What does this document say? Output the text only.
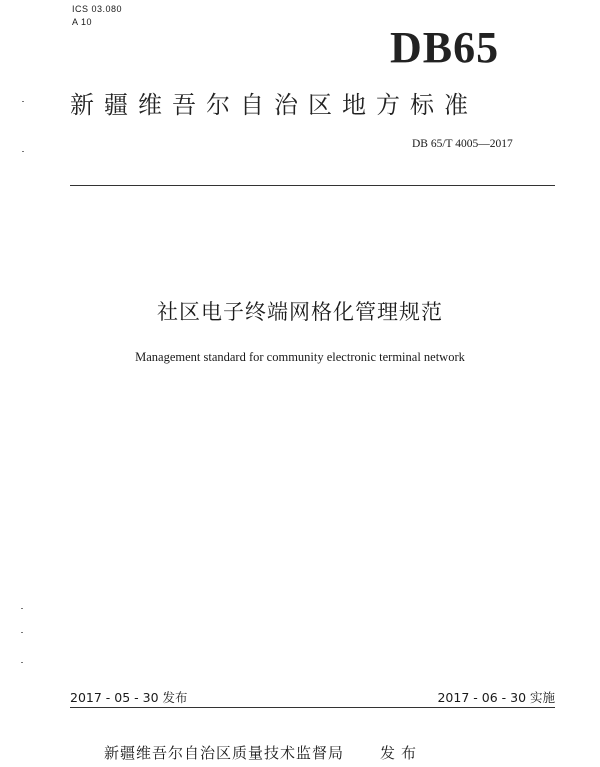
ICS 03.080
A 10
DB65
新疆维吾尔自治区地方标准
DB 65/T 4005—2017
社区电子终端网格化管理规范
Management standard for community electronic terminal network
2017 - 05 - 30 发布	2017 - 06 - 30 实施
新疆维吾尔自治区质量技术监督局 发布
